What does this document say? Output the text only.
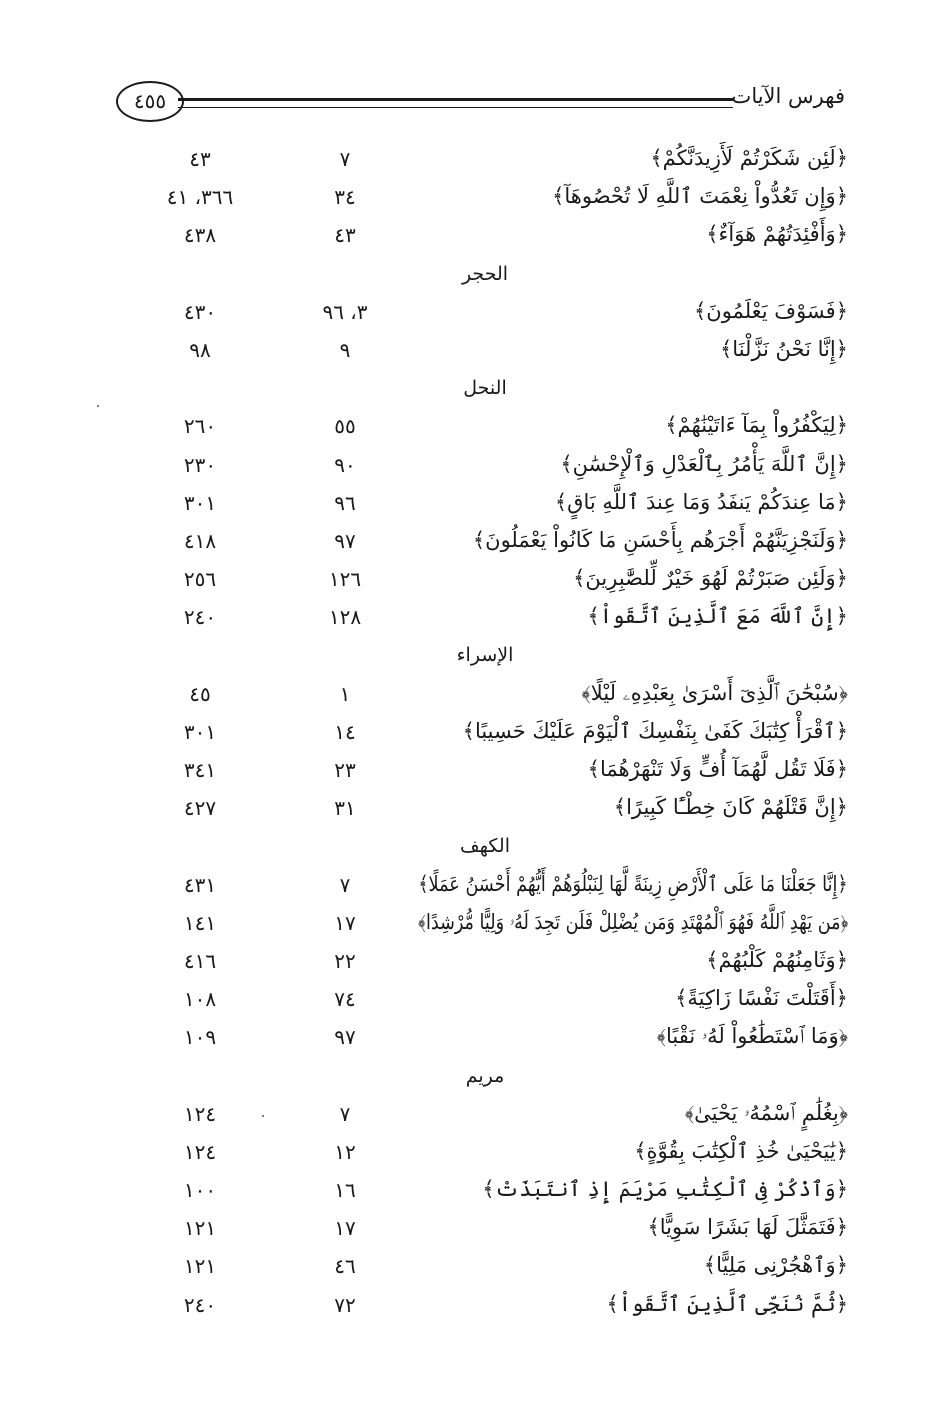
فهرس الآيات
٤٥٥
﴿لَئِن شَكَرْتُمْ لَأَزِيدَنَّكُمْ﴾
٧
٤٣
﴿وَإِن تَعُدُّواْ نِعْمَتَ ٱللَّهِ لَا تُحْصُوهَآ﴾
٣٤
٣٦٦، ٤١
﴿وَأَفْئِدَتُهُمْ هَوَآءٌ﴾
٤٣
٤٣٨
الحجر
﴿فَسَوْفَ يَعْلَمُونَ﴾
٣، ٩٦
٤٣٠
﴿إِنَّا نَحْنُ نَزَّلْنَا﴾
٩
٩٨
النحل
﴿لِيَكْفُرُواْ بِمَآ ءَاتَيْنَٰهُمْ﴾
٥٥
٢٦٠
﴿إِنَّ ٱللَّهَ يَأْمُرُ بِٱلْعَدْلِ وَٱلْإِحْسَٰنِ﴾
٩٠
٢٣٠
﴿مَا عِندَكُمْ يَنفَدُ وَمَا عِندَ ٱللَّهِ بَاقٍ﴾
٩٦
٣٠١
﴿وَلَنَجْزِيَنَّهُمْ أَجْرَهُم بِأَحْسَنِ مَا كَانُواْ يَعْمَلُونَ﴾
٩٧
٤١٨
﴿وَلَئِن صَبَرْتُمْ لَهُوَ خَيْرٌ لِّلصَّٰبِرِينَ﴾
١٢٦
٢٥٦
﴿إِنَّ ٱللَّهَ مَعَ ٱلَّذِينَ ٱتَّقَواْ﴾
١٢٨
٢٤٠
الإسراء
﴿سُبْحَٰنَ ٱلَّذِىٓ أَسْرَىٰ بِعَبْدِهِۦ لَيْلًا﴾
١
٤٥
﴿ٱقْرَأْ كِتَٰبَكَ كَفَىٰ بِنَفْسِكَ ٱلْيَوْمَ عَلَيْكَ حَسِيبًا﴾
١٤
٣٠١
﴿فَلَا تَقُل لَّهُمَآ أُفٍّ وَلَا تَنْهَرْهُمَا﴾
٢٣
٣٤١
﴿إِنَّ قَتْلَهُمْ كَانَ خِطْـًٔا كَبِيرًا﴾
٣١
٤٢٧
الكهف
﴿إِنَّا جَعَلْنَا مَا عَلَى ٱلْأَرْضِ زِينَةً لَّهَا لِنَبْلُوَهُمْ أَيُّهُمْ أَحْسَنُ عَمَلًا﴾
٧
٤٣١
﴿مَن يَهْدِ ٱللَّهُ فَهُوَ ٱلْمُهْتَدِ وَمَن يُضْلِلْ فَلَن تَجِدَ لَهُۥ وَلِيًّا مُّرْشِدًا﴾
١٧
١٤١
﴿وَثَامِنُهُمْ كَلْبُهُمْ﴾
٢٢
٤١٦
﴿أَقَتَلْتَ نَفْسًا زَاكِيَةً﴾
٧٤
١٠٨
﴿وَمَا ٱسْتَطَٰعُواْ لَهُۥ نَقْبًا﴾
٩٧
١٠٩
مريم
﴿بِغُلَٰمٍ ٱسْمُهُۥ يَحْيَىٰ﴾
٧
١٢٤
﴿يَٰيَحْيَىٰ خُذِ ٱلْكِتَٰبَ بِقُوَّةٍ﴾
١٢
١٢٤
﴿وَٱذْكُرْ فِى ٱلْكِتَٰبِ مَرْيَمَ إِذِ ٱنتَبَذَتْ﴾
١٦
١٠٠
﴿فَتَمَثَّلَ لَهَا بَشَرًا سَوِيًّا﴾
١٧
١٢١
﴿وَٱهْجُرْنِى مَلِيًّا﴾
٤٦
١٢١
﴿ثُمَّ نُنَجِّى ٱلَّذِينَ ٱتَّقَواْ﴾
٧٢
٢٤٠
